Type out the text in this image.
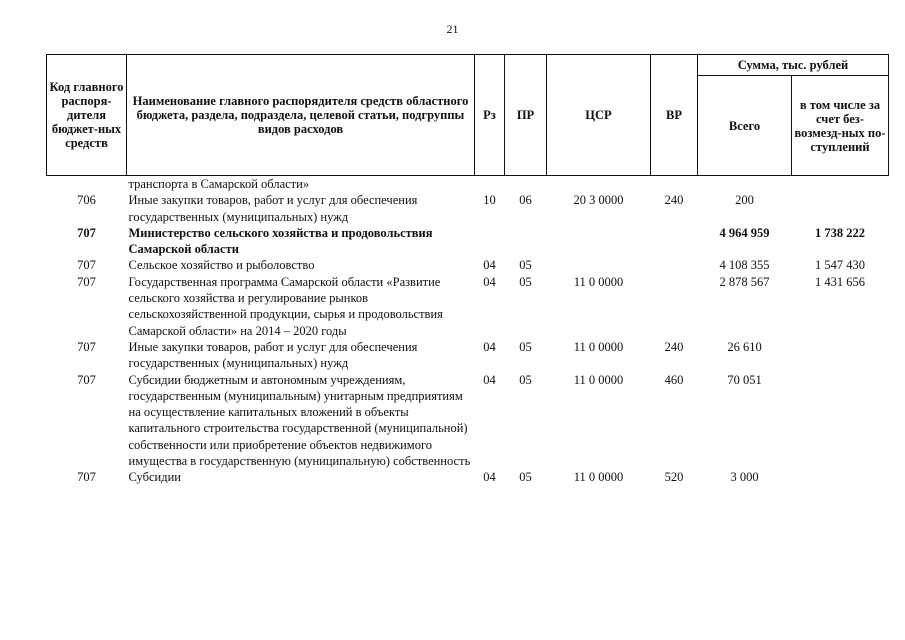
21
Код главного распоря-дителя бюджет-ных средств	Наименование главного распорядителя средств областного бюджета, раздела, подраздела, целевой статьи, подгруппы видов расходов	Рз	ПР	ЦСР	ВР	Сумма, тыс. рублей	
						Всего	в том числе за счет без-возмезд-ных по-ступлений
	транспорта в Самарской области»						
706	Иные закупки товаров, работ и услуг для обеспечения государственных (муниципальных) нужд	10	06	20 3 0000	240	200	
707	Министерство сельского хозяйства и продовольствия Самарской области					4 964 959	1 738 222
707	Сельское хозяйство и рыболовство	04	05			4 108 355	1 547 430
707	Государственная программа Самарской области «Развитие сельского хозяйства и регулирование рынков сельскохозяйственной продукции, сырья и продовольствия Самарской области» на 2014 – 2020 годы	04	05	11 0 0000		2 878 567	1 431 656
707	Иные закупки товаров, работ и услуг для обеспечения государственных (муниципальных) нужд	04	05	11 0 0000	240	26 610	
707	Субсидии бюджетным и автономным учреждениям, государственным (муниципальным) унитарным предприятиям на осуществление капитальных вложений в объекты капитального строительства государственной (муниципальной) собственности или приобретение объектов недвижимого имущества в государственную (муниципальную) собственность	04	05	11 0 0000	460	70 051	
707	Субсидии	04	05	11 0 0000	520	3 000	
